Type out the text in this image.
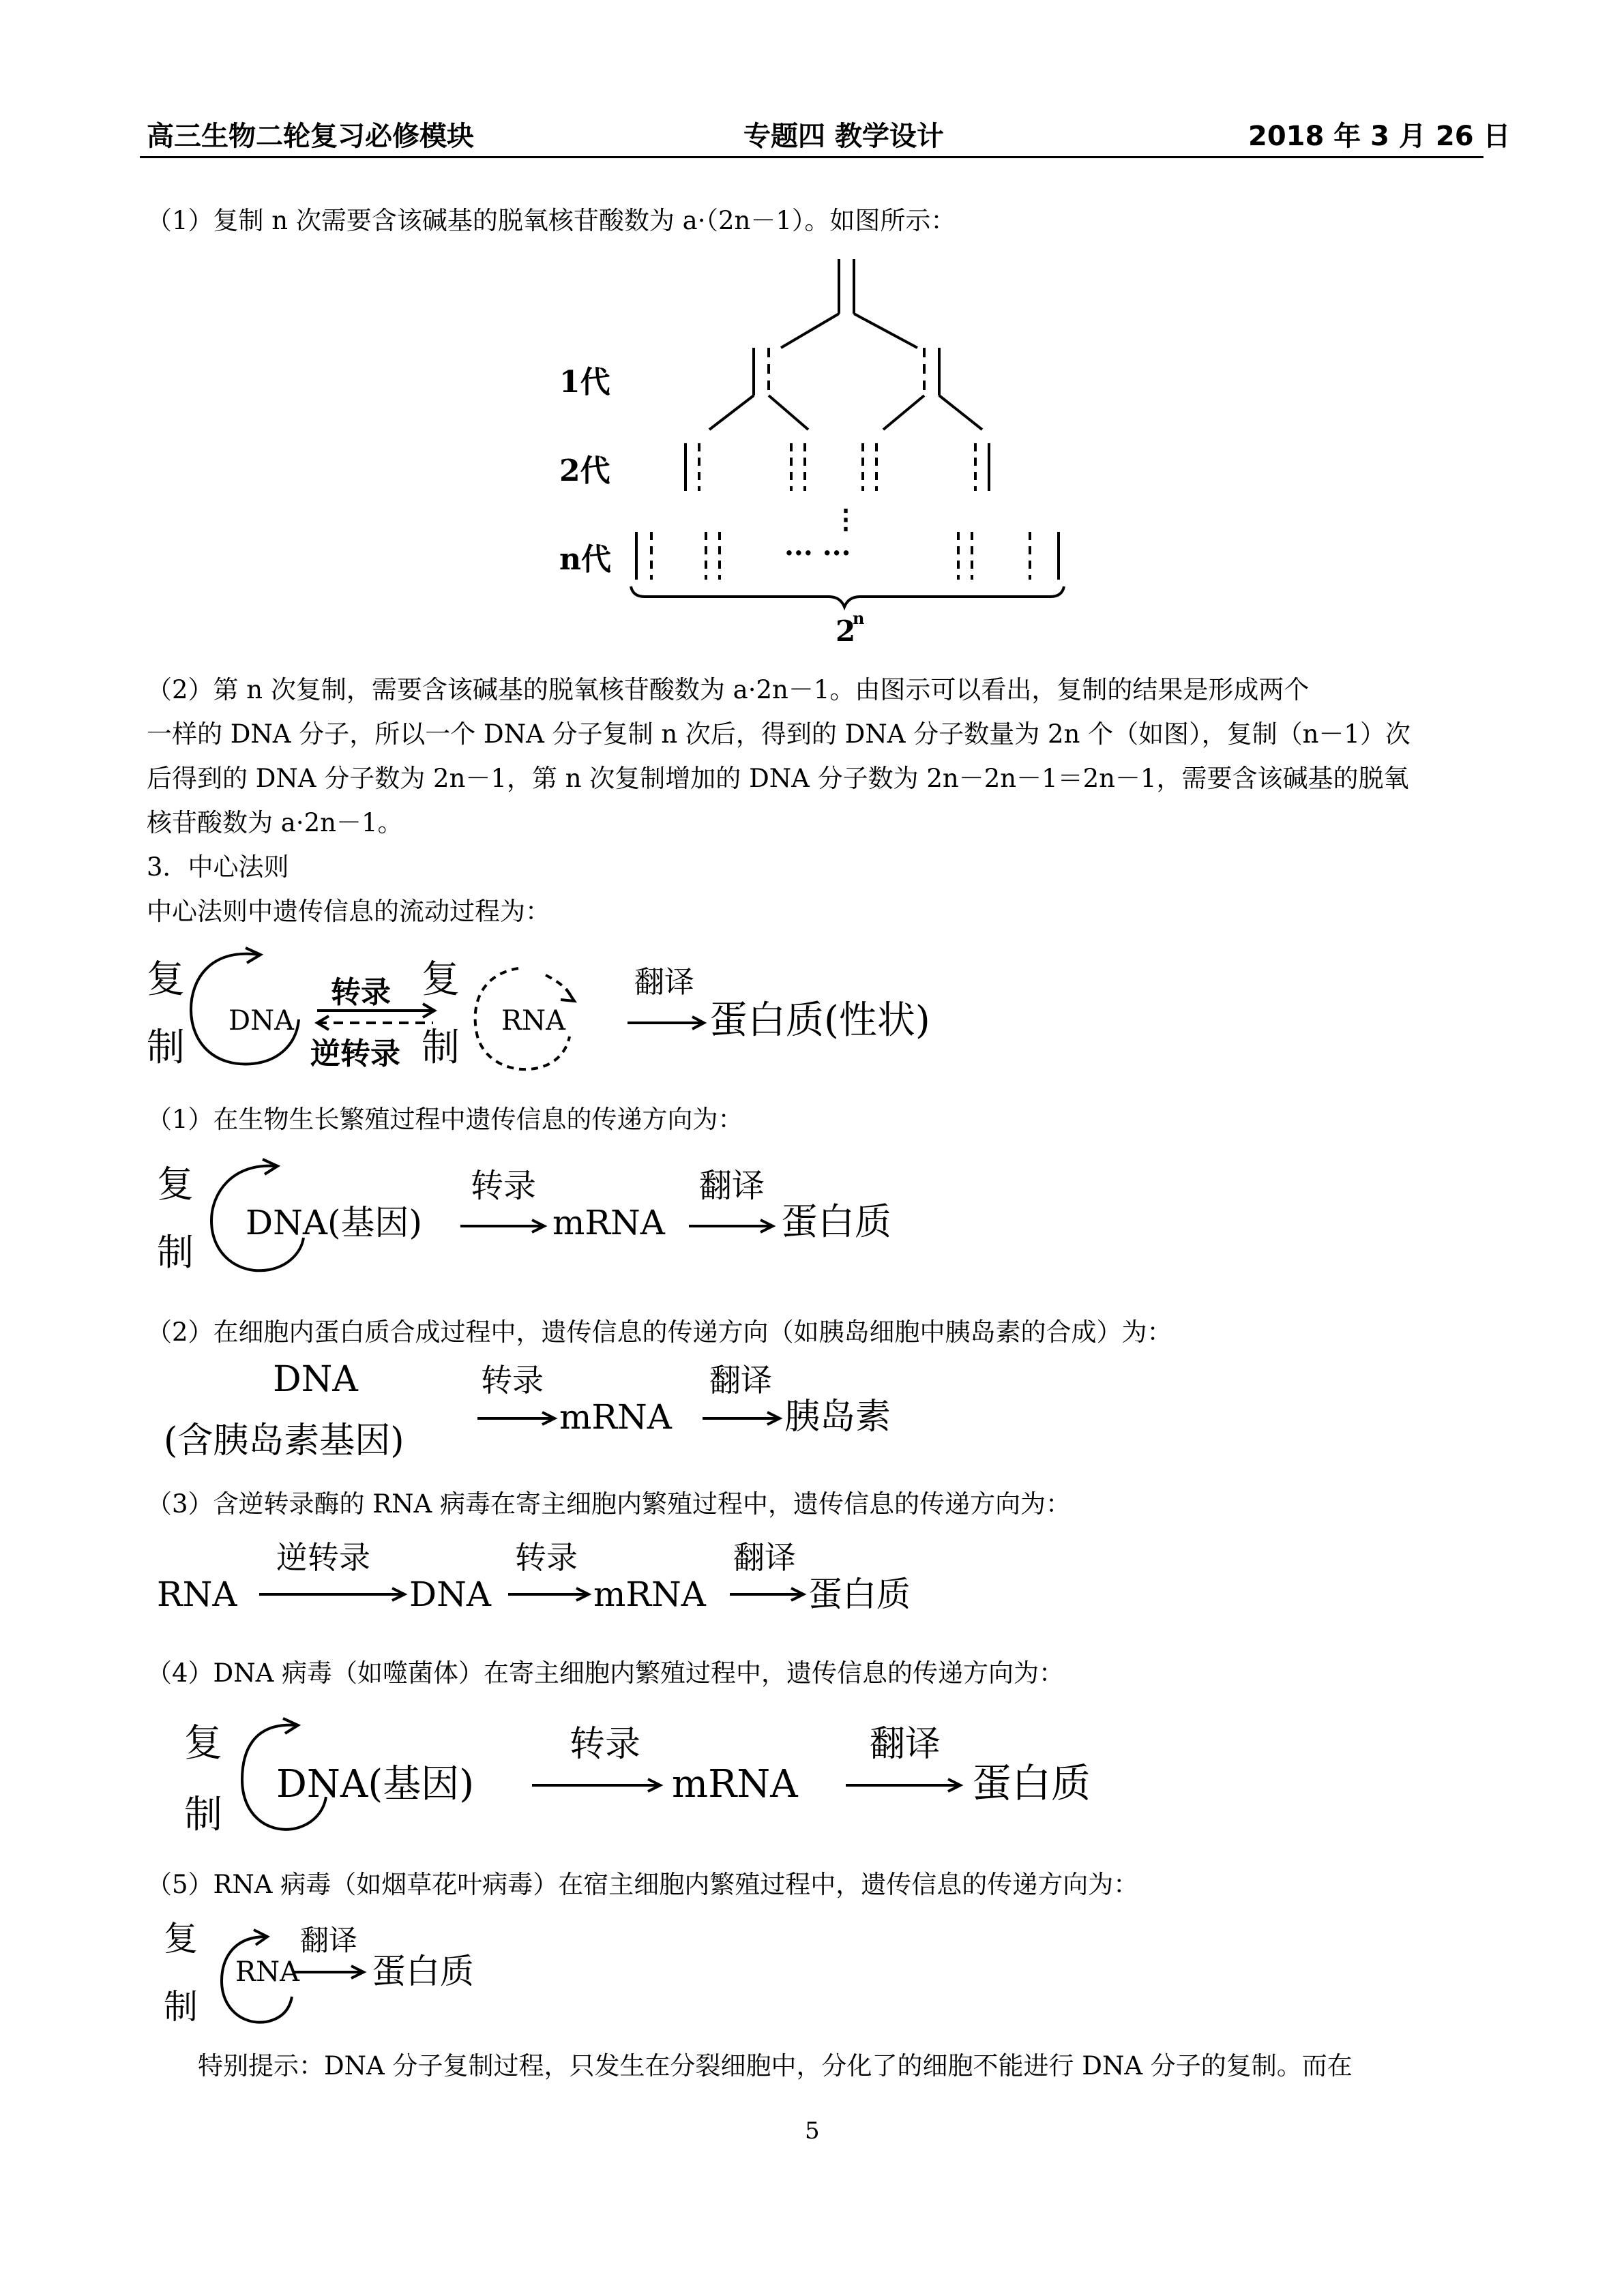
高三生物二轮复习必修模块	专题四 教学设计	2018 年 3 月 26 日
（1）复制 n 次需要含该碱基的脱氧核苷酸数为 a·（2n－1）。如图所示：
1代
2代
n代
⋮
··· ···
2
n
（2）第 n 次复制，需要含该碱基的脱氧核苷酸数为 a·2n－1。由图示可以看出，复制的结果是形成两个
一样的 DNA 分子，所以一个 DNA 分子复制 n 次后，得到的 DNA 分子数量为 2n 个（如图），复制（n－1）次
后得到的 DNA 分子数为 2n－1，第 n 次复制增加的 DNA 分子数为 2n－2n－1＝2n－1，需要含该碱基的脱氧
核苷酸数为 a·2n－1。
3．中心法则
中心法则中遗传信息的流动过程为：
复
制
DNA
转录
逆转录
复
制
RNA
翻译
蛋白质(性状)
（1）在生物生长繁殖过程中遗传信息的传递方向为：
复
制
DNA(基因)
转录
mRNA
翻译
蛋白质
（2）在细胞内蛋白质合成过程中，遗传信息的传递方向（如胰岛细胞中胰岛素的合成）为：
DNA
(含胰岛素基因)
转录
mRNA
翻译
胰岛素
（3）含逆转录酶的 RNA 病毒在寄主细胞内繁殖过程中，遗传信息的传递方向为：
RNA
逆转录
DNA
转录
mRNA
翻译
蛋白质
（4）DNA 病毒（如噬菌体）在寄主细胞内繁殖过程中，遗传信息的传递方向为：
复
制
DNA(基因)
转录
mRNA
翻译
蛋白质
（5）RNA 病毒（如烟草花叶病毒）在宿主细胞内繁殖过程中，遗传信息的传递方向为：
复
制
RNA
翻译
蛋白质
特别提示：DNA 分子复制过程，只发生在分裂细胞中，分化了的细胞不能进行 DNA 分子的复制。而在
5
